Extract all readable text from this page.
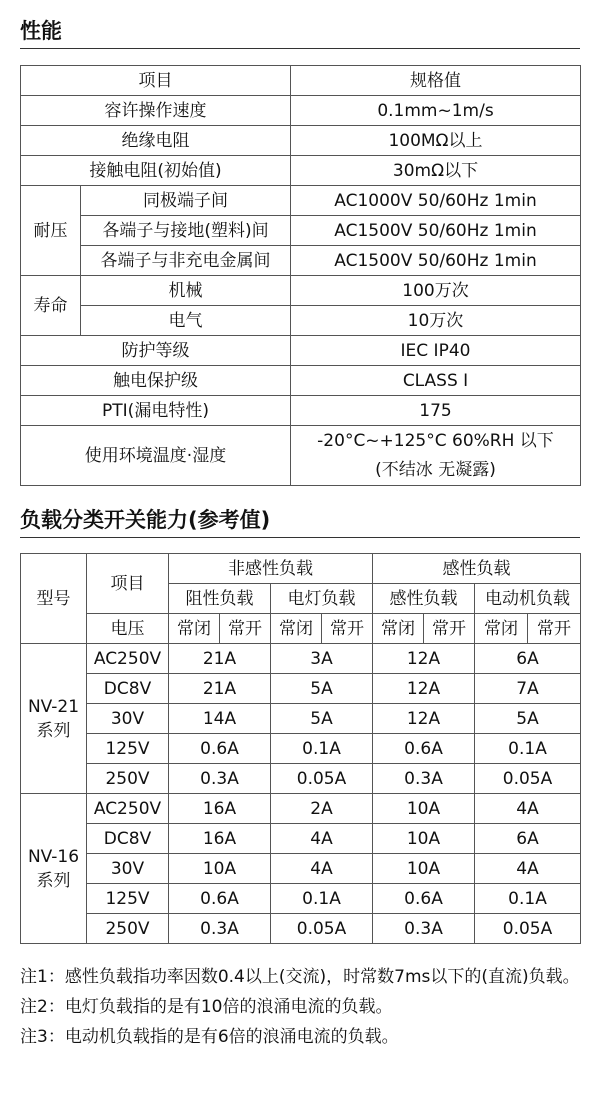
性能
项目		规格值
容许操作速度		0.1mm~1m/s
绝缘电阻		100MΩ以上
接触电阻(初始值)		30mΩ以下
耐压	同极端子间	AC1000V 50/60Hz 1min
	各端子与接地(塑料)间	AC1500V 50/60Hz 1min
	各端子与非充电金属间	AC1500V 50/60Hz 1min
寿命	机械	100万次
	电气	10万次
防护等级		IEC IP40
触电保护级		CLASS I
PTI(漏电特性)		175
使用环境温度·湿度		-20°C~+125°C 60%RH 以下
(不结冰 无凝露)
负载分类开关能力(参考值)
型号	项目	非感性负载				感性负载			
		阻性负载		电灯负载		感性负载		电动机负载	
	电压	常闭	常开	常闭	常开	常闭	常开	常闭	常开
NV-21
系列	AC250V	21A		3A		12A		6A	
	DC8V	21A		5A		12A		7A	
	30V	14A		5A		12A		5A	
	125V	0.6A		0.1A		0.6A		0.1A	
	250V	0.3A		0.05A		0.3A		0.05A	
NV-16
系列	AC250V	16A		2A		10A		4A	
	DC8V	16A		4A		10A		6A	
	30V	10A		4A		10A		4A	
	125V	0.6A		0.1A		0.6A		0.1A	
	250V	0.3A		0.05A		0.3A		0.05A	
注1： 感性负载指功率因数0.4以上(交流)，时常数7ms以下的(直流)负载。
注2： 电灯负载指的是有10倍的浪涌电流的负载。
注3： 电动机负载指的是有6倍的浪涌电流的负载。
